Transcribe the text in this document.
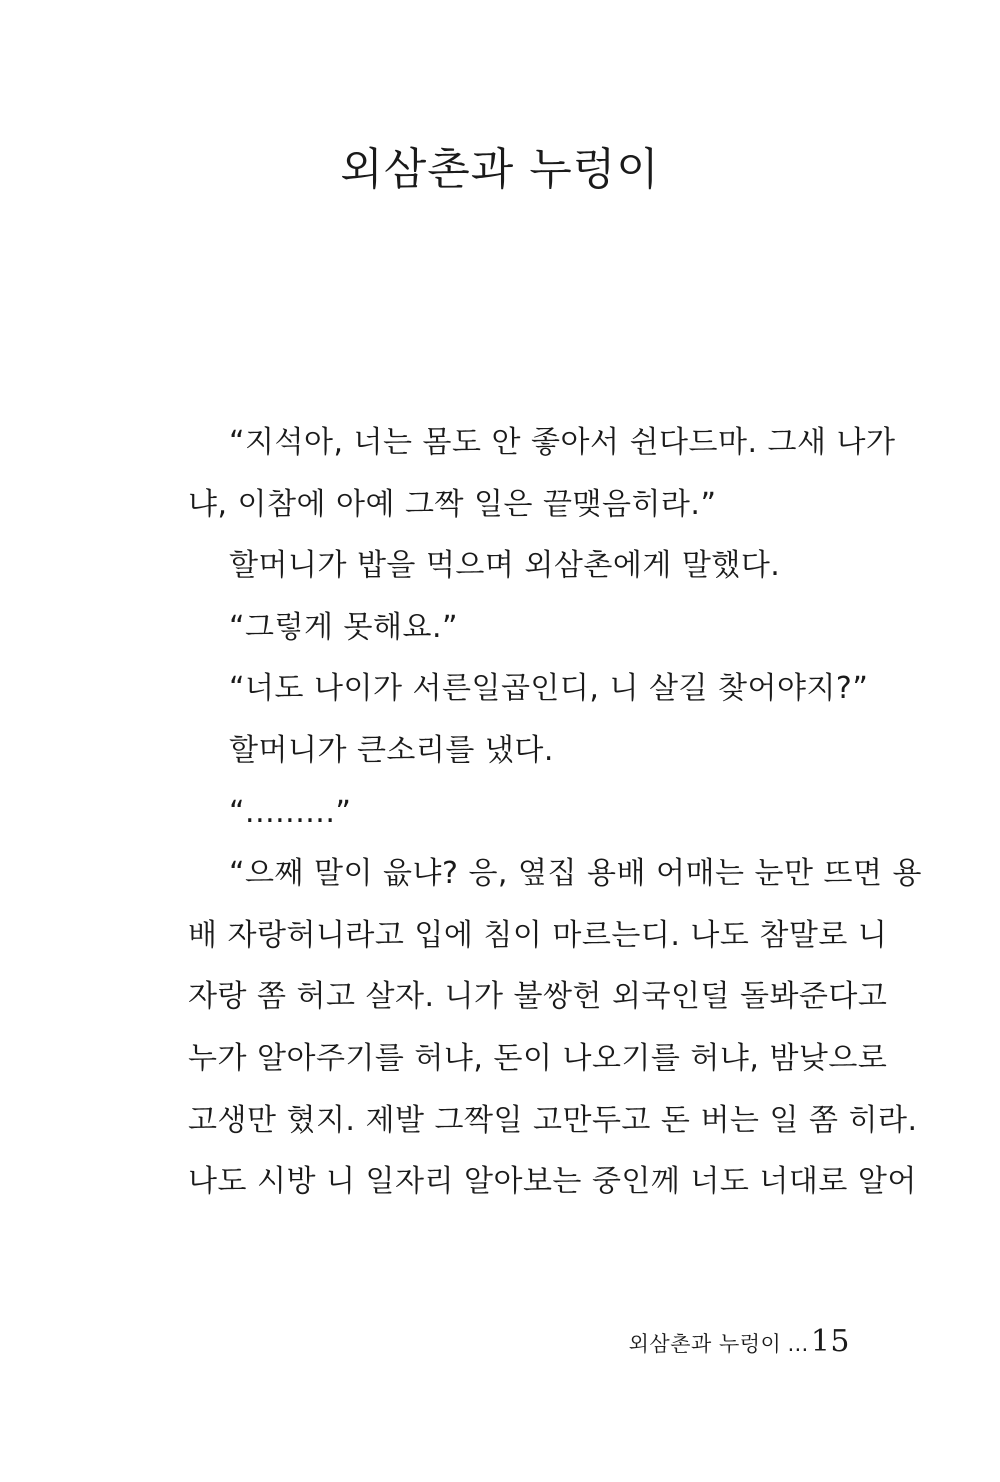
외삼촌과 누렁이
“지석아, 너는 몸도 안 좋아서 쉰다드마. 그새 나가
냐, 이참에 아예 그짝 일은 끝맺음히라.”
할머니가 밥을 먹으며 외삼촌에게 말했다.
“그렇게 못해요.”
“너도 나이가 서른일곱인디, 니 살길 찾어야지?”
할머니가 큰소리를 냈다.
“.........”
“으째 말이 읎냐? 응, 옆집 용배 어매는 눈만 뜨면 용
배 자랑허니라고 입에 침이 마르는디. 나도 참말로 니
자랑 쫌 허고 살자. 니가 불쌍헌 외국인덜 돌봐준다고
누가 알아주기를 허냐, 돈이 나오기를 허냐, 밤낮으로
고생만 혔지. 제발 그짝일 고만두고 돈 버는 일 쫌 히라.
나도 시방 니 일자리 알아보는 중인께 너도 너대로 알어
외삼촌과 누렁이 …15
